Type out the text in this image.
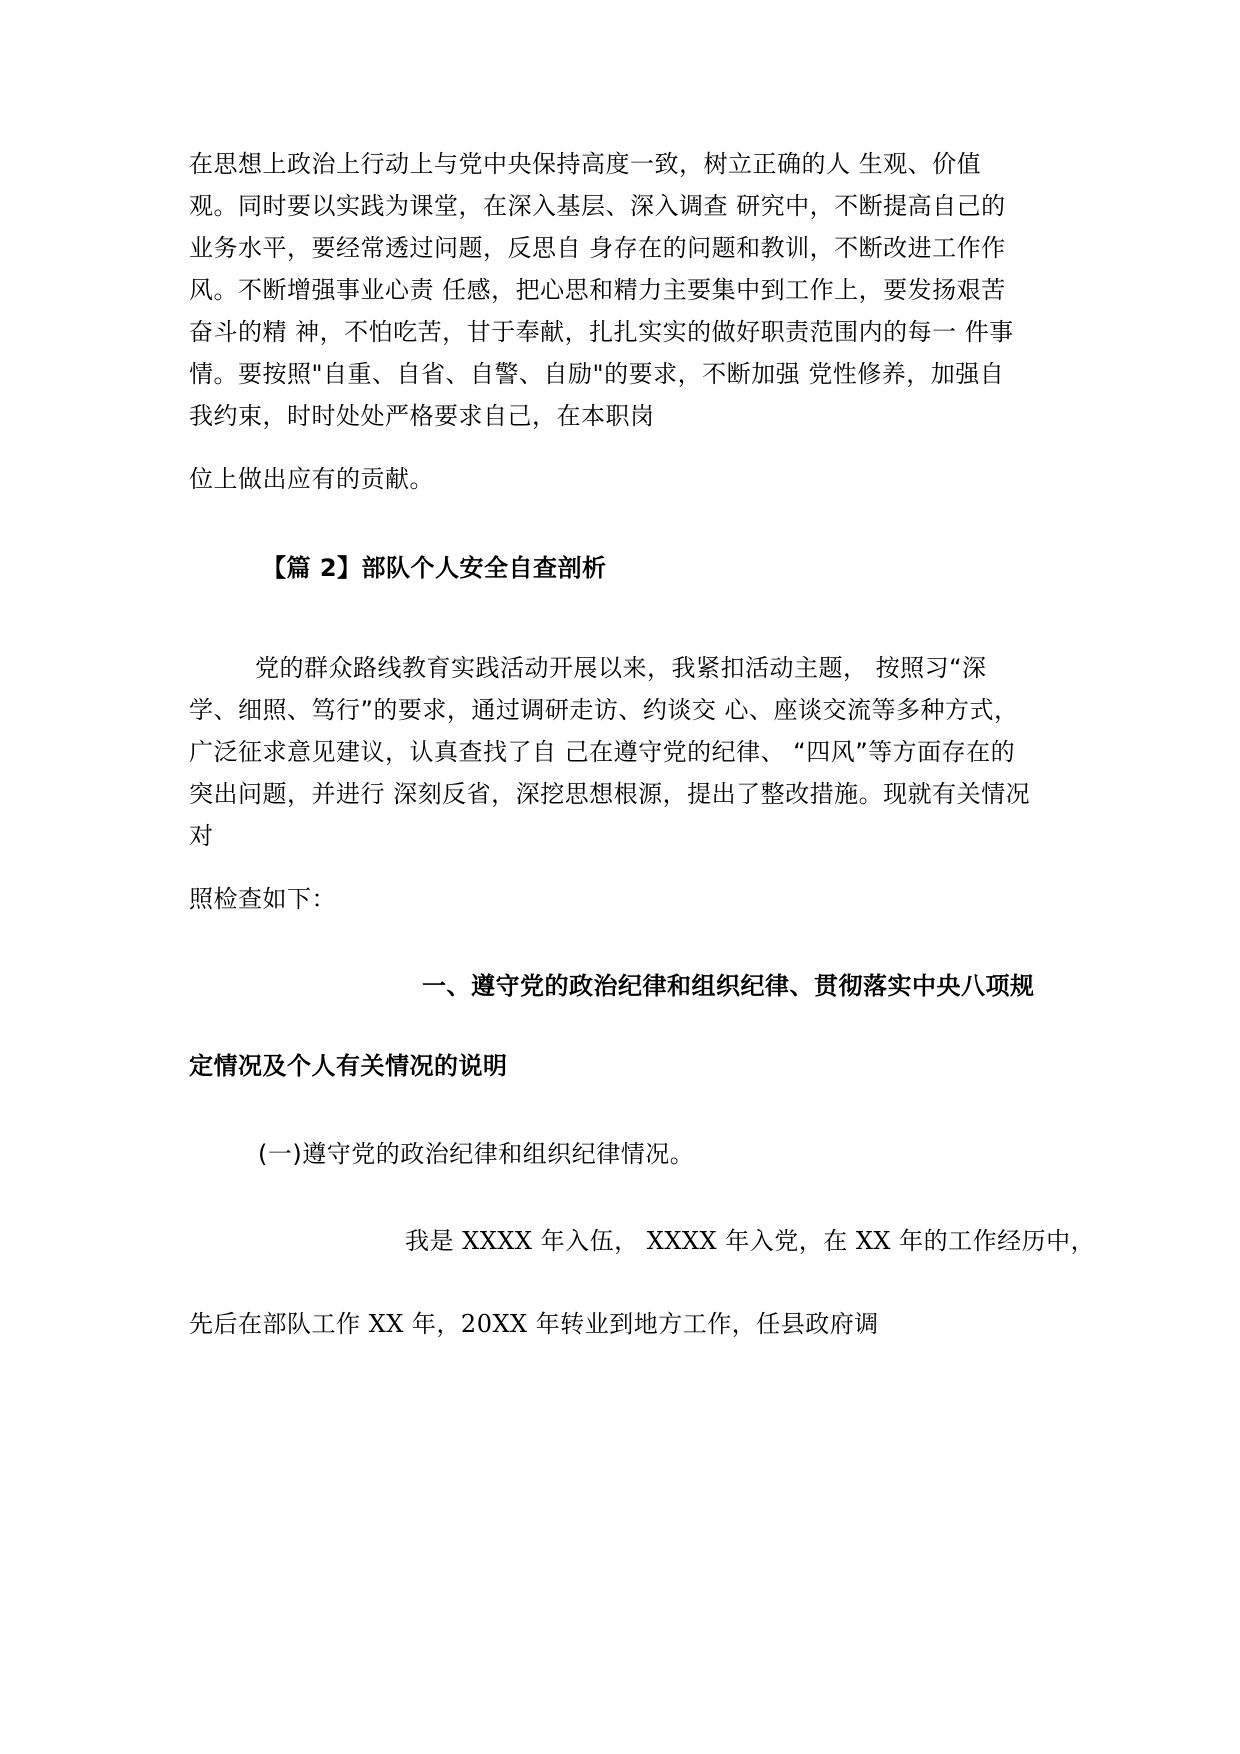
在思想上政治上行动上与党中央保持高度一致，树立正确的人 生观、价值

观。同时要以实践为课堂，在深入基层、深入调查 研究中，不断提高自己的

业务水平，要经常透过问题，反思自 身存在的问题和教训，不断改进工作作

风。不断增强事业心责 任感，把心思和精力主要集中到工作上，要发扬艰苦

奋斗的精 神，不怕吃苦，甘于奉献，扎扎实实的做好职责范围内的每一 件事

情。要按照"自重、自省、自警、自励"的要求，不断加强 党性修养，加强自

我约束，时时处处严格要求自己，在本职岗

位上做出应有的贡献。

【篇 2】部队个人安全自查剖析

党的群众路线教育实践活动开展以来，我紧扣活动主题， 按照习“深

学、细照、笃行”的要求，通过调研走访、约谈交 心、座谈交流等多种方式，

广泛征求意见建议，认真查找了自 己在遵守党的纪律、 “四风”等方面存在的

突出问题，并进行 深刻反省，深挖思想根源，提出了整改措施。现就有关情况

对

照检查如下：

一、遵守党的政治纪律和组织纪律、贯彻落实中央八项规

定情况及个人有关情况的说明

(一)遵守党的政治纪律和组织纪律情况。

我是 XXXX 年入伍， XXXX 年入党，在 XX 年的工作经历中，

先后在部队工作 XX 年，20XX 年转业到地方工作，任县政府调
